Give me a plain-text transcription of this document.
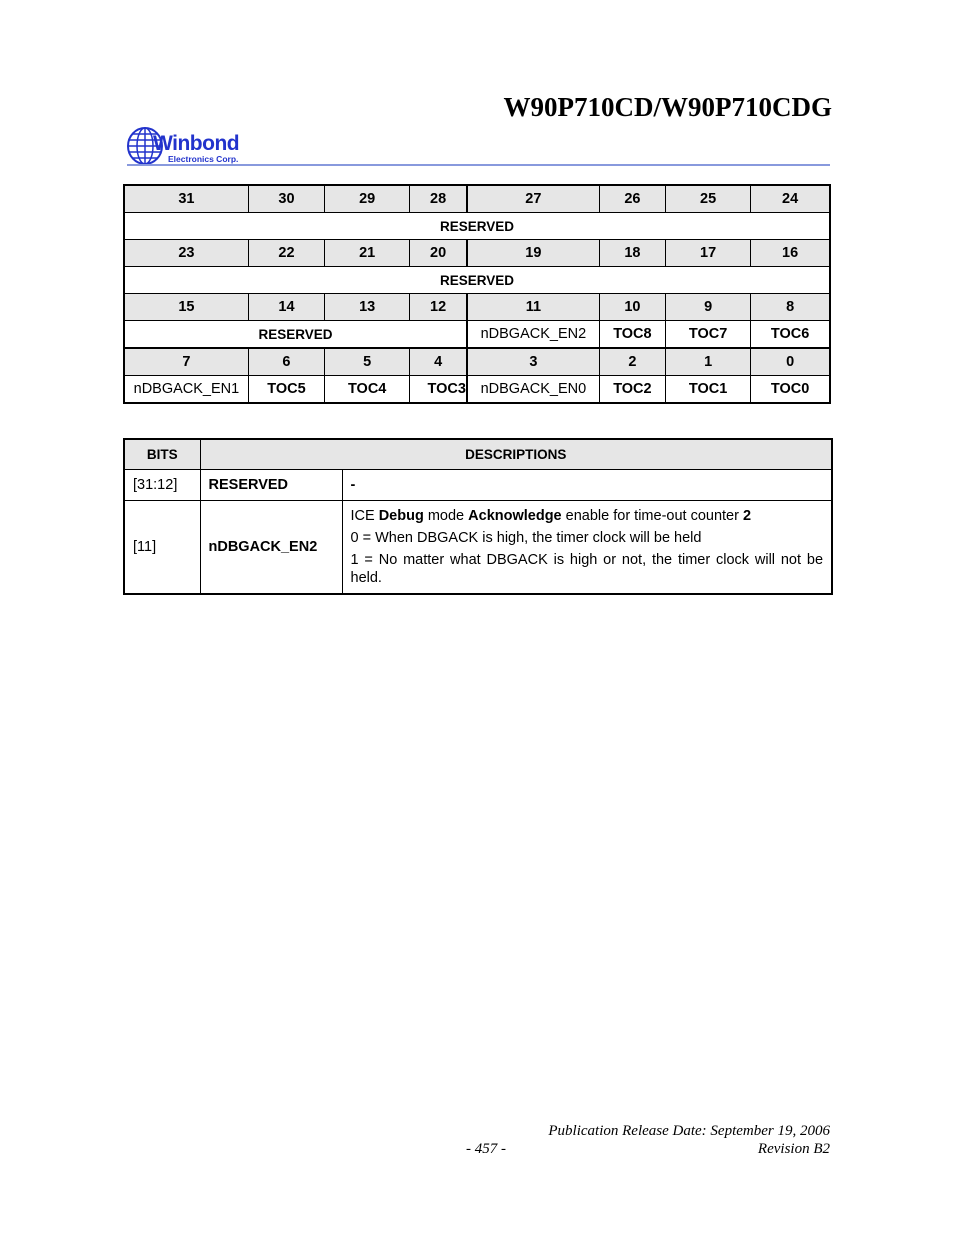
W90P710CD/W90P710CDG
Winbond
Electronics Corp.
31	30	29	28	27	26	25	24
RESERVED							
23	22	21	20	19	18	17	16
RESERVED							
15	14	13	12	11	10	9	8
RESERVED				nDBGACK_EN2	TOC8	TOC7	TOC6
7	6	5	4	3	2	1	0
nDBGACK_EN1	TOC5	TOC4	TOC3	nDBGACK_EN0	TOC2	TOC1	TOC0
BITS	DESCRIPTIONS	
[31:12]	RESERVED	-
[11]	nDBGACK_EN2	ICE Debug mode Acknowledge enable for time-out counter 2

0 = When DBGACK is high, the timer clock will be held

1 = No matter what DBGACK is high or not, the timer clock will not be held.

Publication Release Date: September 19, 2006
- 457 -	Revision B2
